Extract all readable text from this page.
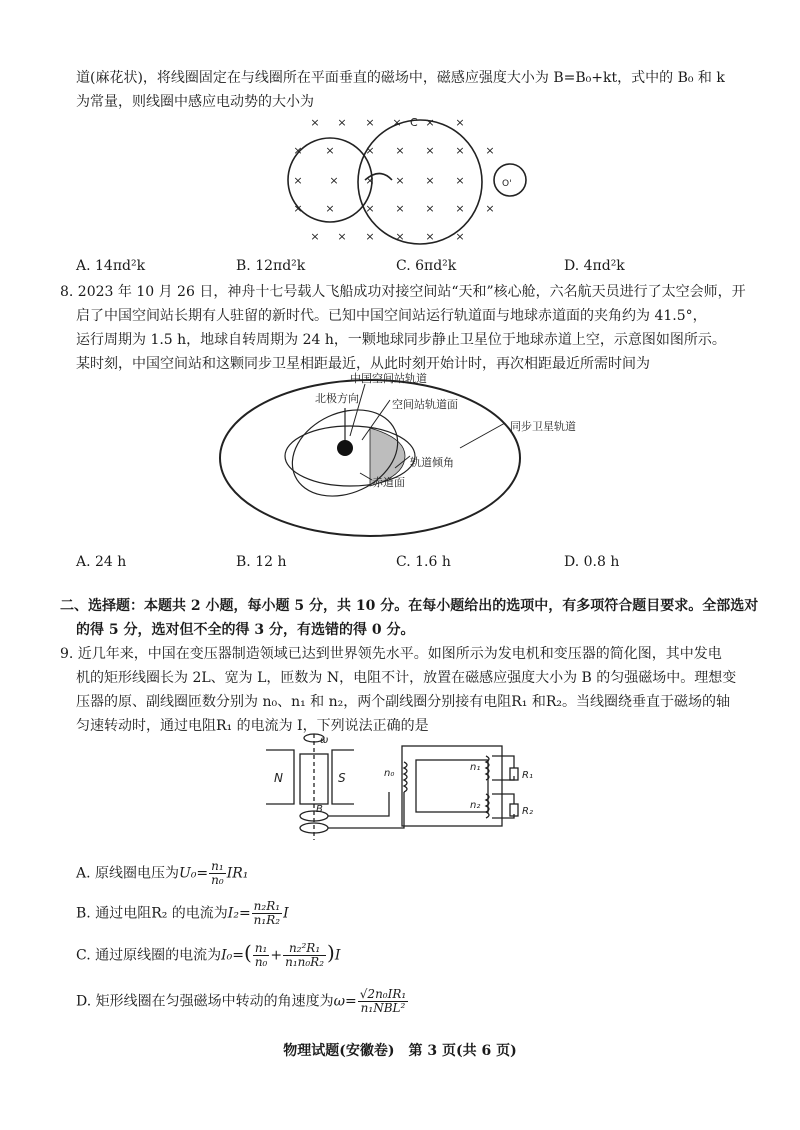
道(麻花状)，将线圈固定在与线圈所在平面垂直的磁场中，磁感应强度大小为 B=B₀+kt，式中的 B₀ 和 k
为常量，则线圈中感应电动势的大小为
× × × × × ×
× ×	× × × × ×
× × × × × ×
× ×	× × × × ×
× × × × × ×
C
O'
A. 14πd²k	B. 12πd²k	C. 6πd²k	D. 4πd²k
8. 2023 年 10 月 26 日，神舟十七号载人飞船成功对接空间站“天和”核心舱，六名航天员进行了太空会师，开
启了中国空间站长期有人驻留的新时代。已知中国空间站运行轨道面与地球赤道面的夹角约为 41.5°，
运行周期为 1.5 h，地球自转周期为 24 h，一颗地球同步静止卫星位于地球赤道上空，示意图如图所示。
某时刻，中国空间站和这颗同步卫星相距最近，从此时刻开始计时，再次相距最近所需时间为
北极方向
中国空间站轨道
空间站轨道面
同步卫星轨道
轨道倾角
赤道面
A. 24 h	B. 12 h	C. 1.6 h	D. 0.8 h
二、选择题：本题共 2 小题，每小题 5 分，共 10 分。在每小题给出的选项中，有多项符合题目要求。全部选对
的得 5 分，选对但不全的得 3 分，有选错的得 0 分。
9. 近几年来，中国在变压器制造领域已达到世界领先水平。如图所示为发电机和变压器的简化图，其中发电
机的矩形线圈长为 2L、宽为 L，匝数为 N，电阻不计，放置在磁感应强度大小为 B 的匀强磁场中。理想变
压器的原、副线圈匝数分别为 n₀、n₁ 和 n₂，两个副线圈分别接有电阻R₁ 和R₂。当线圈绕垂直于磁场的轴
匀速转动时，通过电阻R₁ 的电流为 I，下列说法正确的是
ω
N	S
B
n₀
n₁
n₂
R₁
R₂
A. 原线圈电压为$U_0= \frac{\text{n₁}}{\text{n₀}} IR_1$
B. 通过电阻R₂ 的电流为$I_2= \frac{\text{n₂R₁}}{\text{n₁R₂}}$ I
C. 通过原线圈的电流为$I_0=( \frac{\text{n₁}}{\text{n₀}} + \frac{\text{n₂²R₁}}{\text{n₁n₀R₂}} )I$
D. 矩形线圈在匀强磁场中转动的角速度为$\omega= \frac{\text{√2n₀IR₁}}{\text{n₁NBL²}}$
物理试题(安徽卷)　第 3 页(共 6 页)
